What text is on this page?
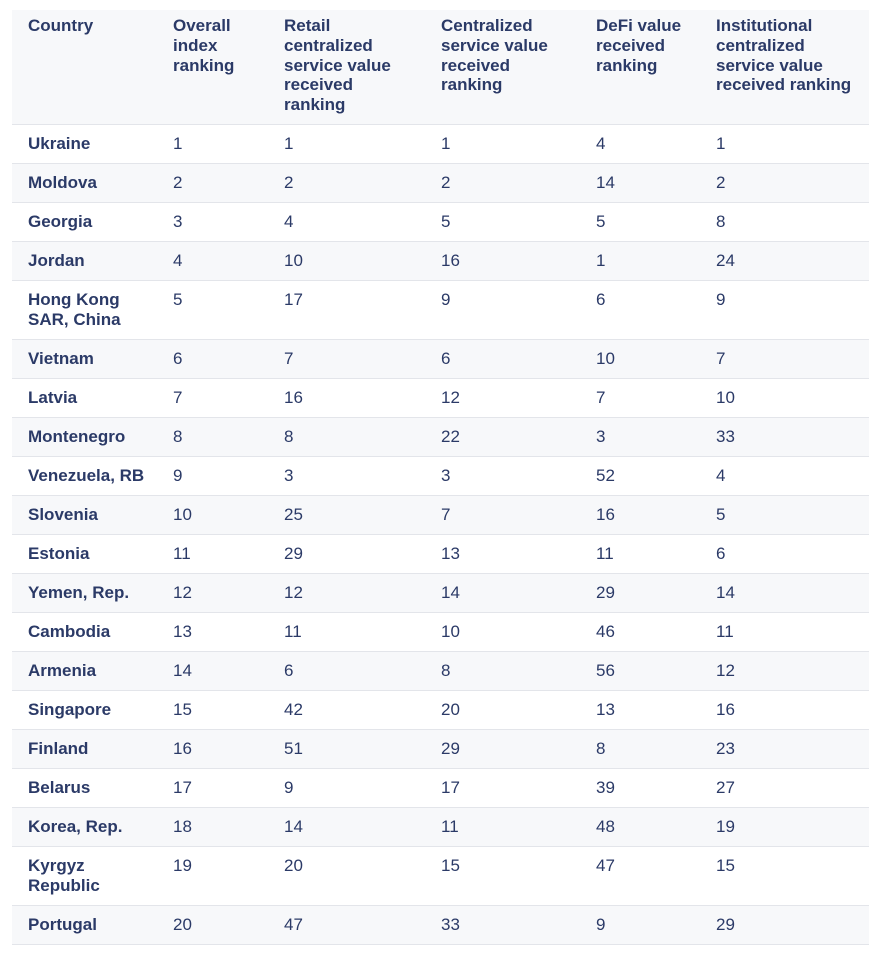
Country	Overall index ranking	Retail centralized service value received ranking	Centralized service value received ranking	DeFi value received ranking	Institutional centralized service value received ranking
Ukraine	1	1	1	4	1
Moldova	2	2	2	14	2
Georgia	3	4	5	5	8
Jordan	4	10	16	1	24
Hong Kong SAR, China	5	17	9	6	9
Vietnam	6	7	6	10	7
Latvia	7	16	12	7	10
Montenegro	8	8	22	3	33
Venezuela, RB	9	3	3	52	4
Slovenia	10	25	7	16	5
Estonia	11	29	13	11	6
Yemen, Rep.	12	12	14	29	14
Cambodia	13	11	10	46	11
Armenia	14	6	8	56	12
Singapore	15	42	20	13	16
Finland	16	51	29	8	23
Belarus	17	9	17	39	27
Korea, Rep.	18	14	11	48	19
Kyrgyz Republic	19	20	15	47	15
Portugal	20	47	33	9	29
